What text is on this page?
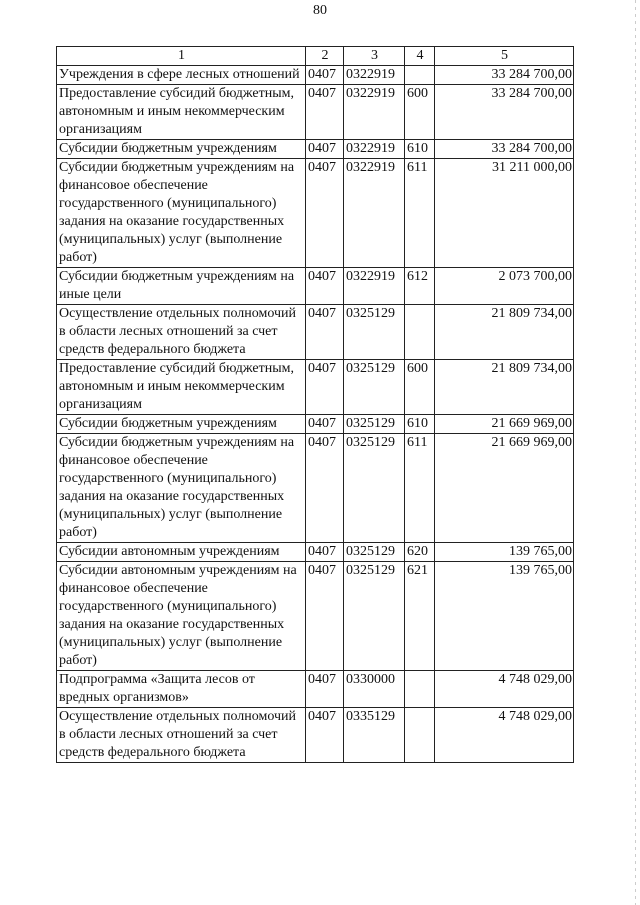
80
1	2	3	4	5
Учреждения в сфере лесных отношений	0407	0322919		33 284 700,00
Предоставление субсидий бюджетным, автономным и иным некоммерческим организациям	0407	0322919	600	33 284 700,00
Субсидии бюджетным учреждениям	0407	0322919	610	33 284 700,00
Субсидии бюджетным учреждениям на финансовое обеспечение государственного (муниципального) задания на оказание государственных (муниципальных) услуг (выполнение работ)	0407	0322919	611	31 211 000,00
Субсидии бюджетным учреждениям на иные цели	0407	0322919	612	2 073 700,00
Осуществление отдельных полномочий в области лесных отношений за счет средств федерального бюджета	0407	0325129		21 809 734,00
Предоставление субсидий бюджетным, автономным и иным некоммерческим организациям	0407	0325129	600	21 809 734,00
Субсидии бюджетным учреждениям	0407	0325129	610	21 669 969,00
Субсидии бюджетным учреждениям на финансовое обеспечение государственного (муниципального) задания на оказание государственных (муниципальных) услуг (выполнение работ)	0407	0325129	611	21 669 969,00
Субсидии автономным учреждениям	0407	0325129	620	139 765,00
Субсидии автономным учреждениям на финансовое обеспечение государственного (муниципального) задания на оказание государственных (муниципальных) услуг (выполнение работ)	0407	0325129	621	139 765,00
Подпрограмма «Защита лесов от вредных организмов»	0407	0330000		4 748 029,00
Осуществление отдельных полномочий в области лесных отношений за счет средств федерального бюджета	0407	0335129		4 748 029,00
